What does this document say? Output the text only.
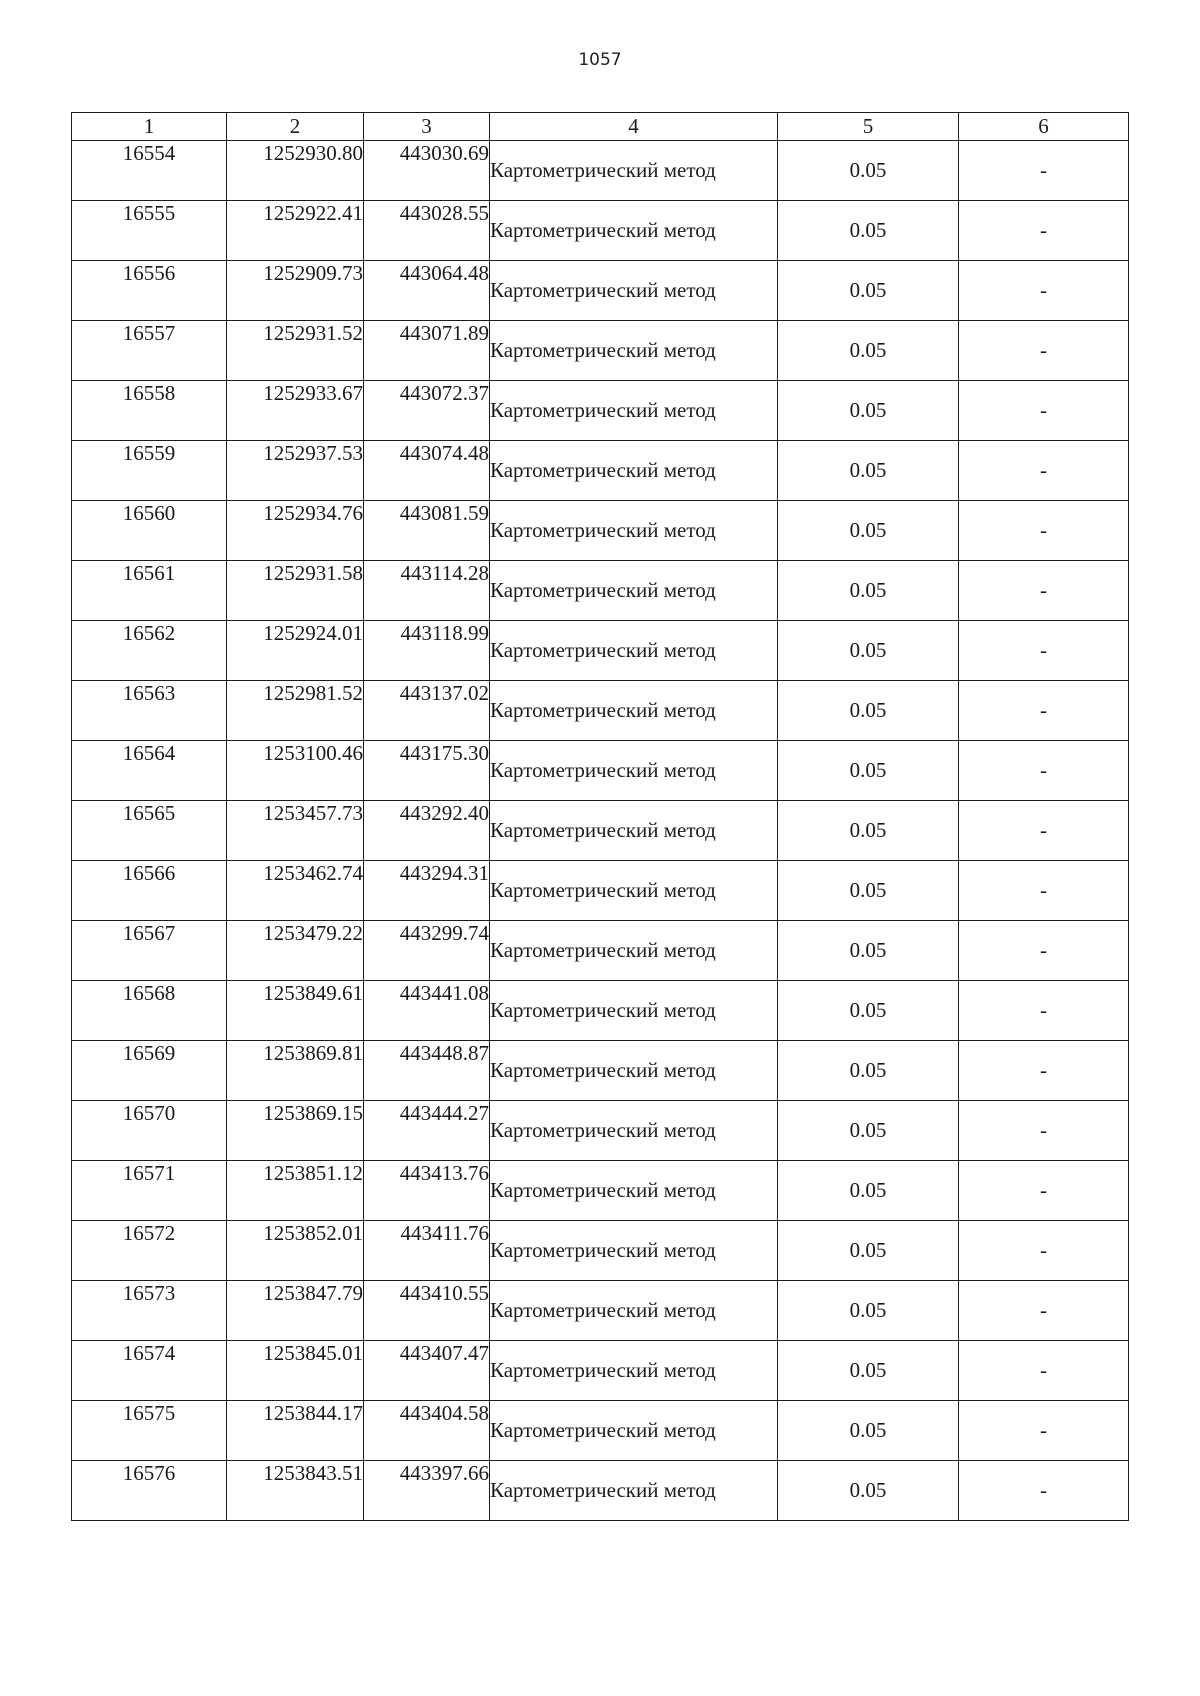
1057
1	2	3	4	5	6
16554	1252930.80	443030.69	Картометрический метод	0.05	-
16555	1252922.41	443028.55	Картометрический метод	0.05	-
16556	1252909.73	443064.48	Картометрический метод	0.05	-
16557	1252931.52	443071.89	Картометрический метод	0.05	-
16558	1252933.67	443072.37	Картометрический метод	0.05	-
16559	1252937.53	443074.48	Картометрический метод	0.05	-
16560	1252934.76	443081.59	Картометрический метод	0.05	-
16561	1252931.58	443114.28	Картометрический метод	0.05	-
16562	1252924.01	443118.99	Картометрический метод	0.05	-
16563	1252981.52	443137.02	Картометрический метод	0.05	-
16564	1253100.46	443175.30	Картометрический метод	0.05	-
16565	1253457.73	443292.40	Картометрический метод	0.05	-
16566	1253462.74	443294.31	Картометрический метод	0.05	-
16567	1253479.22	443299.74	Картометрический метод	0.05	-
16568	1253849.61	443441.08	Картометрический метод	0.05	-
16569	1253869.81	443448.87	Картометрический метод	0.05	-
16570	1253869.15	443444.27	Картометрический метод	0.05	-
16571	1253851.12	443413.76	Картометрический метод	0.05	-
16572	1253852.01	443411.76	Картометрический метод	0.05	-
16573	1253847.79	443410.55	Картометрический метод	0.05	-
16574	1253845.01	443407.47	Картометрический метод	0.05	-
16575	1253844.17	443404.58	Картометрический метод	0.05	-
16576	1253843.51	443397.66	Картометрический метод	0.05	-
